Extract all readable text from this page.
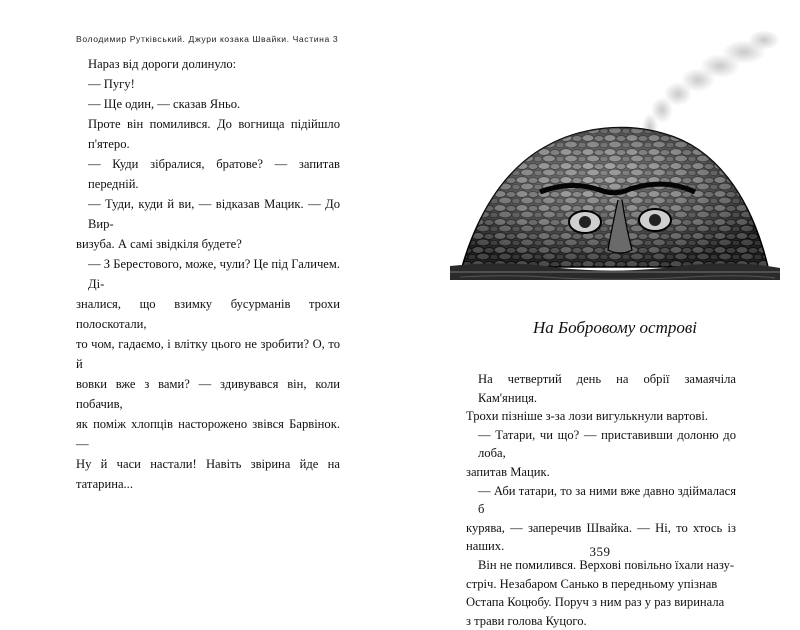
Володимир Рутківський. Джури козака Швайки. Частина 3

Нараз від дороги долинуло:

— Пугу!

— Ще один, — сказав Яньо.

Проте він помилився. До вогнища підійшло п'ятеро.

— Куди зібралися, братове? — запитав передній.

— Туди, куди й ви, — відказав Мацик. — До Вир-

визуба. А самі звідкіля будете?

— З Берестового, може, чули? Це під Галичем. Ді-

зналися, що взимку бусурманів трохи полоскотали,

то чом, гадаємо, і влітку цього не зробити? О, то й

вовки вже з вами? — здивувався він, коли побачив,

як поміж хлопців насторожено звівся Барвінок. —

Ну й часи настали! Навіть звірина йде на татарина...

На Бобровому острові

На четвертий день на обрії замаячіла Кам'яниця.

Трохи пізніше з-за лози вигулькнули вартові.

— Татари, чи що? — приставивши долоню до лоба,

запитав Мацик.

— Аби татари, то за ними вже давно здіймалася б

курява, — заперечив Швайка. — Ні, то хтось із наших.

Він не помилився. Верхові повільно їхали назу-

стріч. Незабаром Санько в передньому упізнав

Остапа Коцюбу. Поруч з ним раз у раз виринала

з трави голова Куцого.

359
